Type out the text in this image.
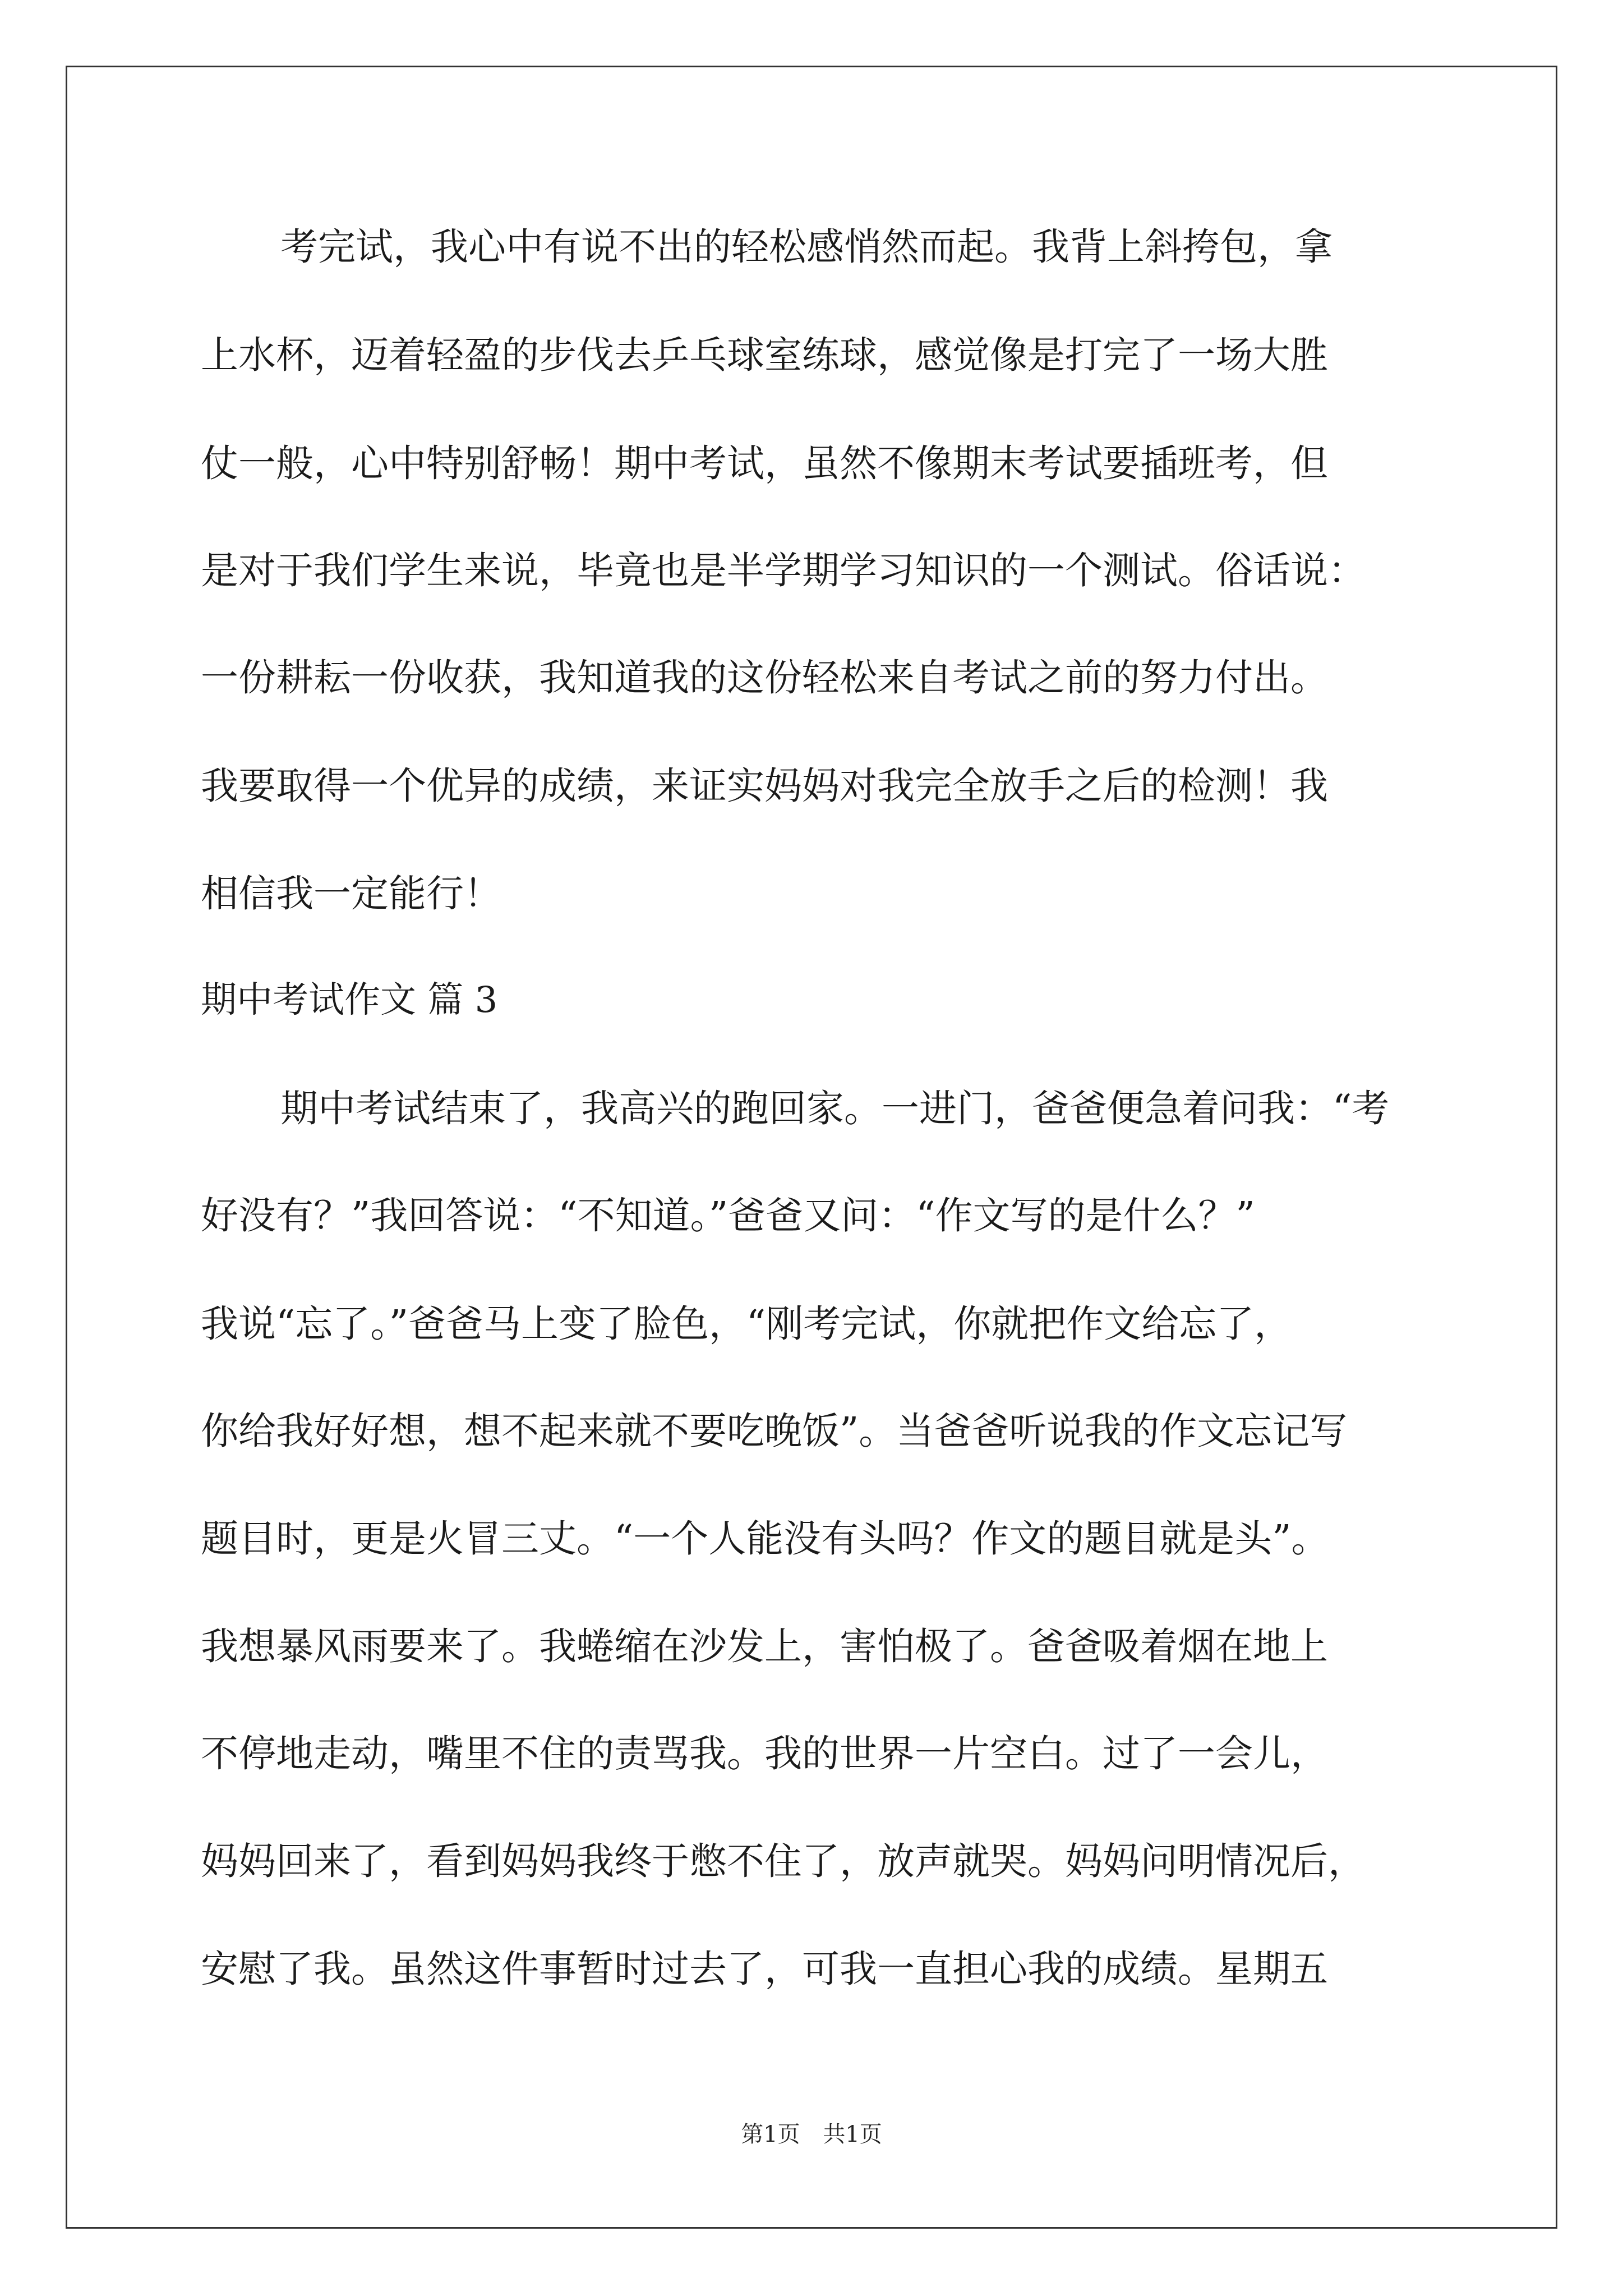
考完试，我心中有说不出的轻松感悄然而起。我背上斜挎包，拿
上水杯，迈着轻盈的步伐去乒乓球室练球，感觉像是打完了一场大胜
仗一般，心中特别舒畅！期中考试，虽然不像期末考试要插班考，但
是对于我们学生来说，毕竟也是半学期学习知识的一个测试。俗话说：
一份耕耘一份收获，我知道我的这份轻松来自考试之前的努力付出。
我要取得一个优异的成绩，来证实妈妈对我完全放手之后的检测！我
相信我一定能行！
期中考试作文 篇 3
期中考试结束了，我高兴的跑回家。一进门，爸爸便急着问我：“考
好没有？”我回答说：“不知道。”爸爸又问：“作文写的是什么？”
我说“忘了。”爸爸马上变了脸色，“刚考完试，你就把作文给忘了，
你给我好好想，想不起来就不要吃晚饭”。当爸爸听说我的作文忘记写
题目时，更是火冒三丈。“一个人能没有头吗？作文的题目就是头”。
我想暴风雨要来了。我蜷缩在沙发上，害怕极了。爸爸吸着烟在地上
不停地走动，嘴里不住的责骂我。我的世界一片空白。过了一会儿，
妈妈回来了，看到妈妈我终于憋不住了，放声就哭。妈妈问明情况后，
安慰了我。虽然这件事暂时过去了，可我一直担心我的成绩。星期五
第1页 共1页
